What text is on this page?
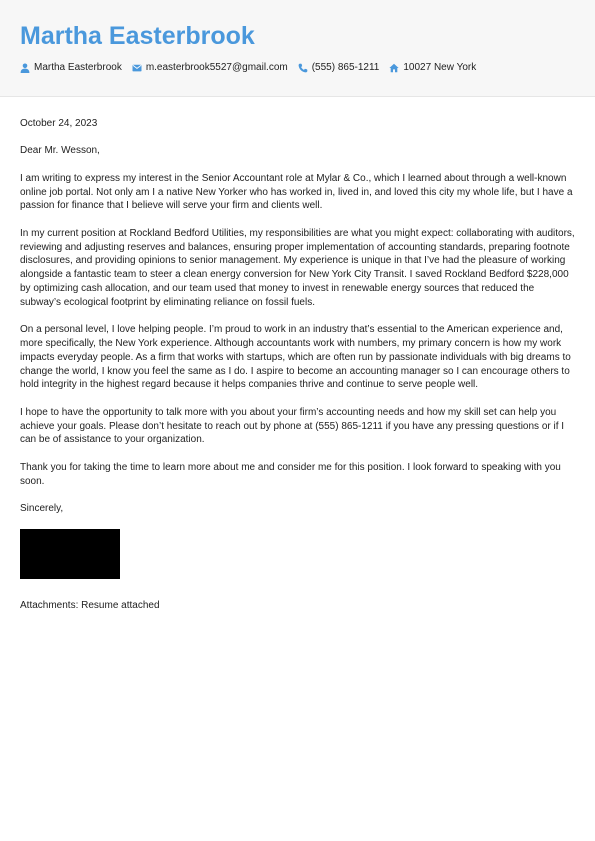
Martha Easterbrook
Martha Easterbrook m.easterbrook5527@gmail.com (555) 865-1211 10027 New York

October 24, 2023

Dear Mr. Wesson,

I am writing to express my interest in the Senior Accountant role at Mylar & Co., which I learned about through a well-known online job portal. Not only am I a native New Yorker who has worked in, lived in, and loved this city my whole life, but I have a passion for finance that I believe will serve your firm and clients well.

In my current position at Rockland Bedford Utilities, my responsibilities are what you might expect: collaborating with auditors, reviewing and adjusting reserves and balances, ensuring proper implementation of accounting standards, preparing footnote disclosures, and providing opinions to senior management. My experience is unique in that I’ve had the pleasure of working alongside a fantastic team to steer a clean energy conversion for New York City Transit. I saved Rockland Bedford $228,000 by optimizing cash allocation, and our team used that money to invest in renewable energy sources that reduced the subway’s ecological footprint by eliminating reliance on fossil fuels.

On a personal level, I love helping people. I’m proud to work in an industry that’s essential to the American experience and, more specifically, the New York experience. Although accountants work with numbers, my primary concern is how my work impacts everyday people. As a firm that works with startups, which are often run by passionate individuals with big dreams to change the world, I know you feel the same as I do. I aspire to become an accounting manager so I can encourage others to hold integrity in the highest regard because it helps companies thrive and continue to serve people well.

I hope to have the opportunity to talk more with you about your firm’s accounting needs and how my skill set can help you achieve your goals. Please don’t hesitate to reach out by phone at (555) 865-1211 if you have any pressing questions or if I can be of assistance to your organization.

Thank you for taking the time to learn more about me and consider me for this position. I look forward to speaking with you soon.

Sincerely,

Attachments: Resume attached
